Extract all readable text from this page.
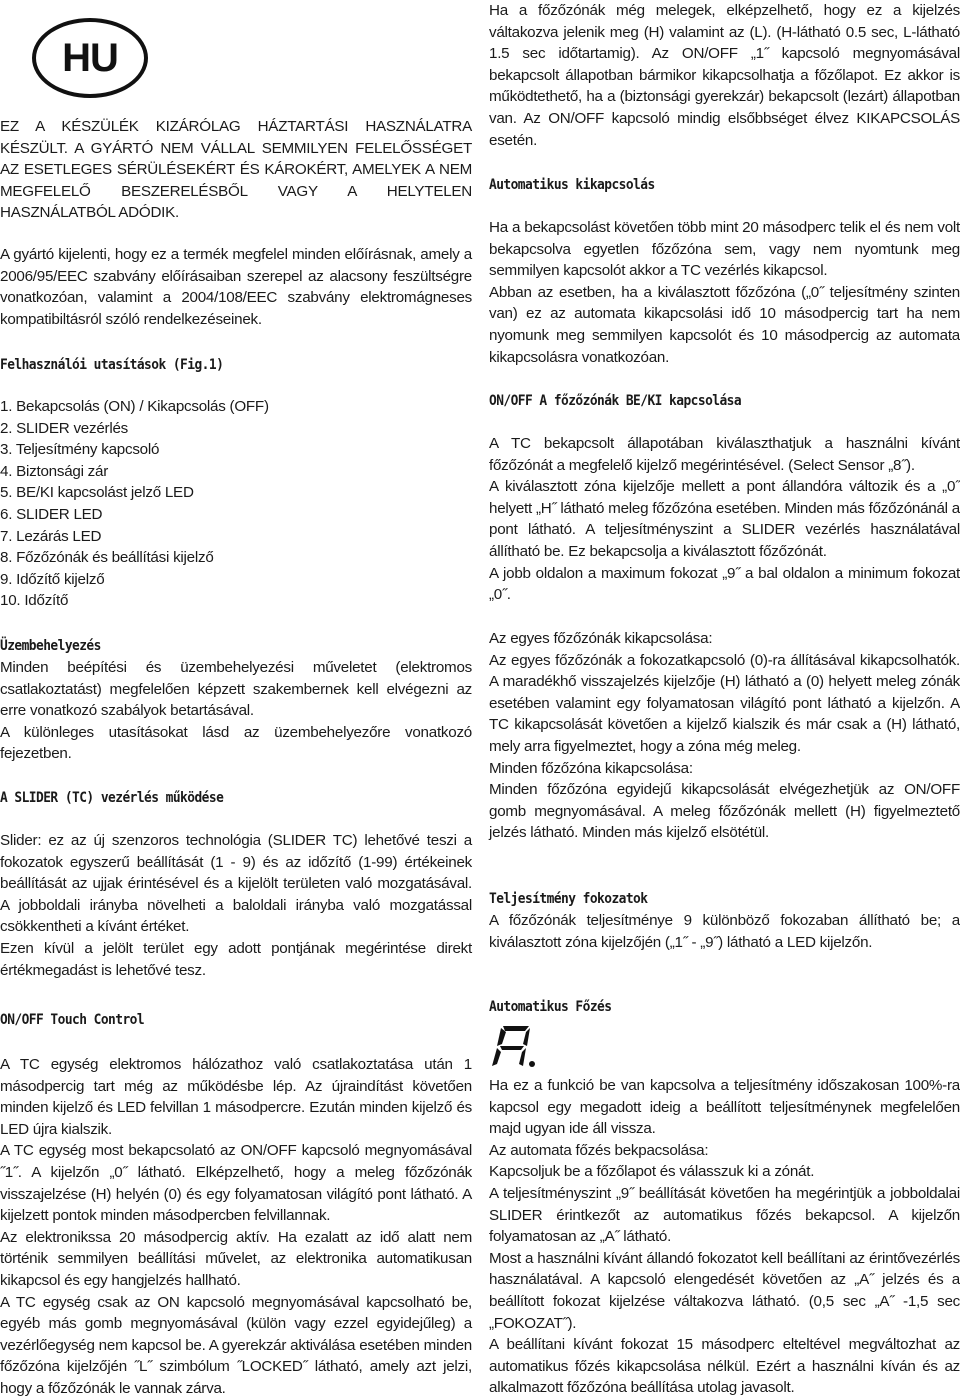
HU

EZ A KÉSZÜLÉK KIZÁRÓLAG HÁZTARTÁSI HASZNÁLATRA KÉSZÜLT. A GYÁRTÓ NEM VÁLLAL SEMMILYEN FELELŐSSÉGET AZ ESETLEGES SÉRÜLÉSEKÉRT ÉS KÁROKÉRT, AMELYEK A NEM MEGFELELŐ BESZERELÉSBŐL VAGY A HELYTELEN HASZNÁLATBÓL ADÓDIK.

A gyártó kijelenti, hogy ez a termék megfelel minden előírásnak, amely a 2006/95/EEC szabvány előírásaiban szerepel az alacsony feszültségre vonatkozóan, valamint a 2004/108/EEC szabvány elektromágneses kompatibiltásról szóló rendelkezéseinek.

Felhasználói utasítások (Fig.1)

1. Bekapcsolás (ON) / Kikapcsolás (OFF)
2. SLIDER vezérlés
3. Teljesítmény kapcsoló
4. Biztonsági zár
5. BE/KI kapcsolást jelző LED
6. SLIDER LED
7. Lezárás LED
8. Főzőzónák és beállítási kijelző
9. Időzítő kijelző
10. Időzítő

Üzembehelyezés

Minden beépítési és üzembehelyezési műveletet (elektromos csatlakoztatást) megfelelően képzett szakembernek kell elvégezni az erre vonatkozó szabályok betartásával.

A különleges utasításokat lásd az üzembehelyezőre vonatkozó fejezetben.

A SLIDER (TC) vezérlés működése

Slider: ez az új szenzoros technológia (SLIDER TC) lehetővé teszi a fokozatok egyszerű beállítását (1 - 9) és az időzítő (1-99) értékeinek beállítását az ujjak érintésével és a kijelölt területen való mozgatásával. A jobboldali irányba növelheti a baloldali irányba való mozgatással csökkentheti a kívánt értéket.

Ezen kívül a jelölt terület egy adott pontjának megérintése direkt értékmegadást is lehetővé tesz.

ON/OFF Touch Control

A TC egység elektromos hálózathoz való csatlakoztatása után 1 másodpercig tart még az működésbe lép. Az újraindítást követően minden kijelző és LED felvillan 1 másodpercre. Ezután minden kijelző és LED újra kialszik.

A TC egység most bekapcsolató az ON/OFF kapcsoló megnyomásával ˝1˝. A kijelzőn „0˝ látható. Elképzelhető, hogy a meleg főzőzónák visszajelzése (H) helyén (0) és egy folyamatosan világító pont látható. A kijelzett pontok minden másodpercben felvillannak.

Az elektronikssa 20 másodpercig aktív. Ha ezalatt az idő alatt nem történik semmilyen beállítási művelet, az elektronika automatikusan kikapcsol és egy hangjelzés hallható.

A TC egység csak az ON kapcsoló megnyomásával kapcsolható be, egyéb más gomb megnyomásával (külön vagy ezzel egyidejűleg) a vezérlőegység nem kapcsol be. A gyerekzár aktiválása esetében minden főzőzóna kijelzőjén ˝L˝ szimbólum ˝LOCKED˝ látható, amely azt jelzi, hogy a főzőzónák le vannak zárva.

Ha a főzőzónák még melegek, elképzelhető, hogy ez a kijelzés váltakozva jelenik meg (H) valamint az (L). (H-látható 0.5 sec, L-látható 1.5 sec időtartamig). Az ON/OFF „1˝ kapcsoló megnyomásával bekapcsolt állapotban bármikor kikapcsolhatja a főzőlapot. Ez akkor is működtethető, ha a (biztonsági gyerekzár) bekapcsolt (lezárt) állapotban van. Az ON/OFF kapcsoló mindig elsőbbséget élvez KIKAPCSOLÁS esetén.

Automatikus kikapcsolás

Ha a bekapcsolást követően több mint 20 másodperc telik el és nem volt bekapcsolva egyetlen főzőzóna sem, vagy nem nyomtunk meg semmilyen kapcsolót akkor a TC vezérlés kikapcsol.

Abban az esetben, ha a kiválasztott főzőzóna („0˝ teljesítmény szinten van) ez az automata kikapcsolási idő 10 másodpercig tart ha nem nyomunk meg semmilyen kapcsolót és 10 másodpercig az automata kikapcsolásra vonatkozóan.

ON/OFF A főzőzónák BE/KI kapcsolása

A TC bekapcsolt állapotában kiválaszthatjuk a használni kívánt főzőzónát a megfelelő kijelző megérintésével. (Select Sensor „8˝).

A kiválasztott zóna kijelzője mellett a pont állandóra változik és a „0˝ helyett „H˝ látható meleg főzőzóna esetében. Minden más főzőzónánál a pont látható. A teljesítményszint a SLIDER vezérlés használatával állítható be. Ez bekapcsolja a kiválasztott főzőzónát.

A jobb oldalon a maximum fokozat „9˝ a bal oldalon a minimum fokozat „0˝.

Az egyes főzőzónák kikapcsolása:

Az egyes főzőzónák a fokozatkapcsoló (0)-ra állításával kikapcsolhatók. A maradékhő visszajelzés kijelzője (H) látható a (0) helyett meleg zónák esetében valamint egy folyamatosan világító pont látható a kijelzőn. A TC kikapcsolását követően a kijelző kialszik és már csak a (H) látható, mely arra figyelmeztet, hogy a zóna még meleg.

Minden főzőzóna kikapcsolása:

Minden főzőzóna egyidejű kikapcsolását elvégezhetjük az ON/OFF gomb megnyomásával. A meleg főzőzónák mellett (H) figyelmeztető jelzés látható. Minden más kijelző elsötétül.

Teljesítmény fokozatok

A főzőzónák teljesítménye 9 különböző fokozaban állítható be; a kiválasztott zóna kijelzőjén („1˝ - „9˝) látható a LED kijelzőn.

Automatikus Főzés

Ha ez a funkció be van kapcsolva a teljesítmény időszakosan 100%-ra kapcsol egy megadott ideig a beállított teljesítménynek megfelelően majd ugyan ide áll vissza.

Az automata főzés bekpacsolása:

Kapcsoljuk be a főzőlapot és válasszuk ki a zónát.

A teljesítményszint „9˝ beállítását követően ha megérintjük a jobboldalai SLIDER érintkezőt az automatikus főzés bekapcsol. A kijelzőn folyamatosan az „A˝ látható.

Most a használni kívánt állandó fokozatot kell beállítani az érintővezérlés használatával. A kapcsoló elengedését követően az „A˝ jelzés és a beállított fokozat kijelzése váltakozva látható. (0,5 sec „A˝ -1,5 sec „FOKOZAT˝).

A beállítani kívánt fokozat 15 másodperc elteltével megváltozhat az automatikus főzés kikapcsolása nélkül. Ezért a használni kíván és az alkalmazott főzőzóna beállítása utolag javasolt.
